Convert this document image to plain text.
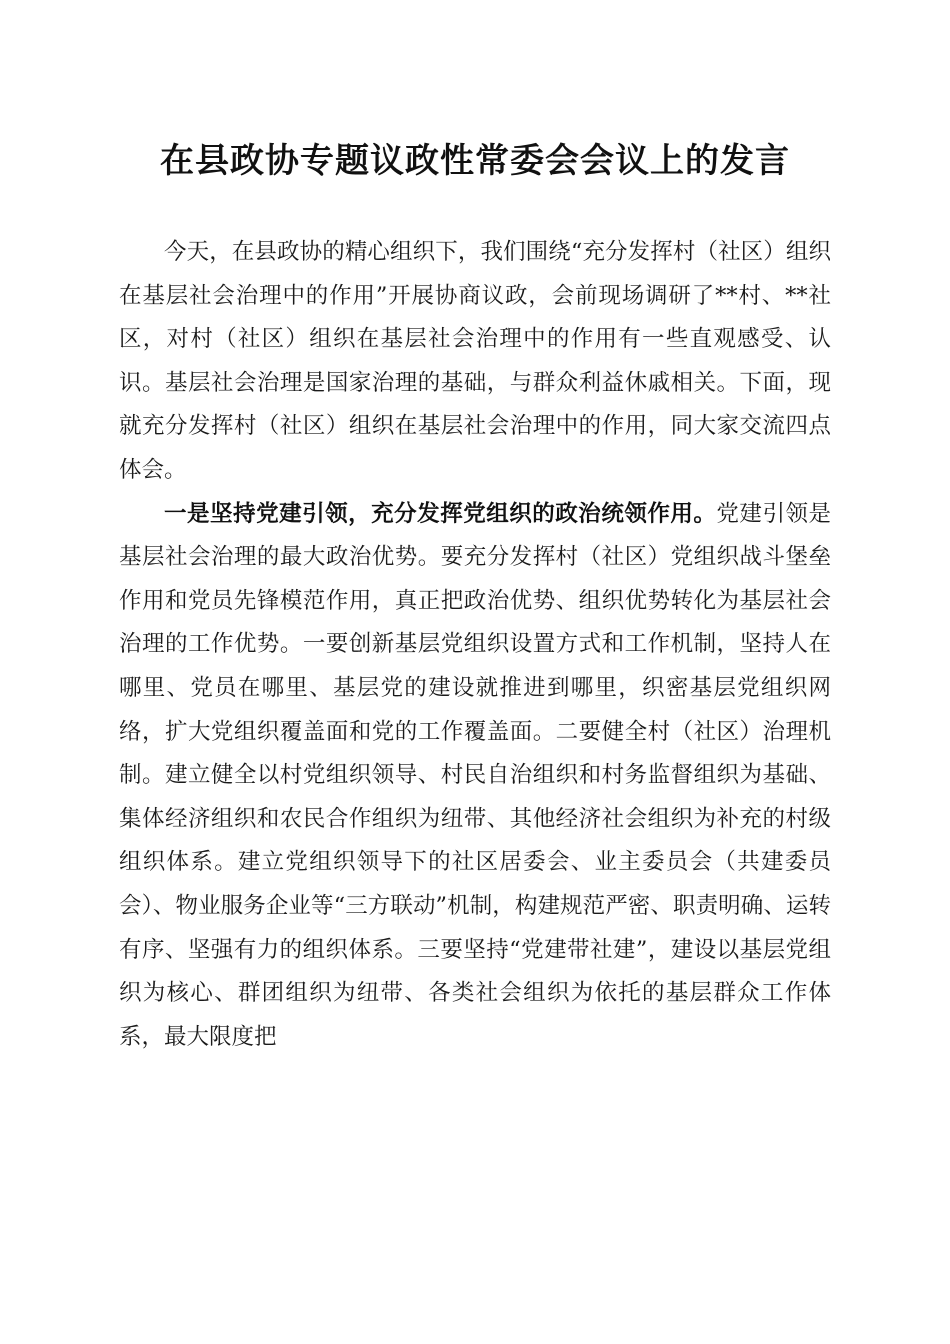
在县政协专题议政性常委会会议上的发言

今天，在县政协的精心组织下，我们围绕“充分发挥村（社区）组织在基层社会治理中的作用”开展协商议政，会前现场调研了**村、**社区，对村（社区）组织在基层社会治理中的作用有一些直观感受、认识。基层社会治理是国家治理的基础，与群众利益休戚相关。下面，现就充分发挥村（社区）组织在基层社会治理中的作用，同大家交流四点体会。

一是坚持党建引领，充分发挥党组织的政治统领作用。党建引领是基层社会治理的最大政治优势。要充分发挥村（社区）党组织战斗堡垒作用和党员先锋模范作用，真正把政治优势、组织优势转化为基层社会治理的工作优势。一要创新基层党组织设置方式和工作机制，坚持人在哪里、党员在哪里、基层党的建设就推进到哪里，织密基层党组织网络，扩大党组织覆盖面和党的工作覆盖面。二要健全村（社区）治理机制。建立健全以村党组织领导、村民自治组织和村务监督组织为基础、集体经济组织和农民合作组织为纽带、其他经济社会组织为补充的村级组织体系。建立党组织领导下的社区居委会、业主委员会（共建委员会）、物业服务企业等“三方联动”机制，构建规范严密、职责明确、运转有序、坚强有力的组织体系。三要坚持“党建带社建”，建设以基层党组织为核心、群团组织为纽带、各类社会组织为依托的基层群众工作体系，最大限度把
